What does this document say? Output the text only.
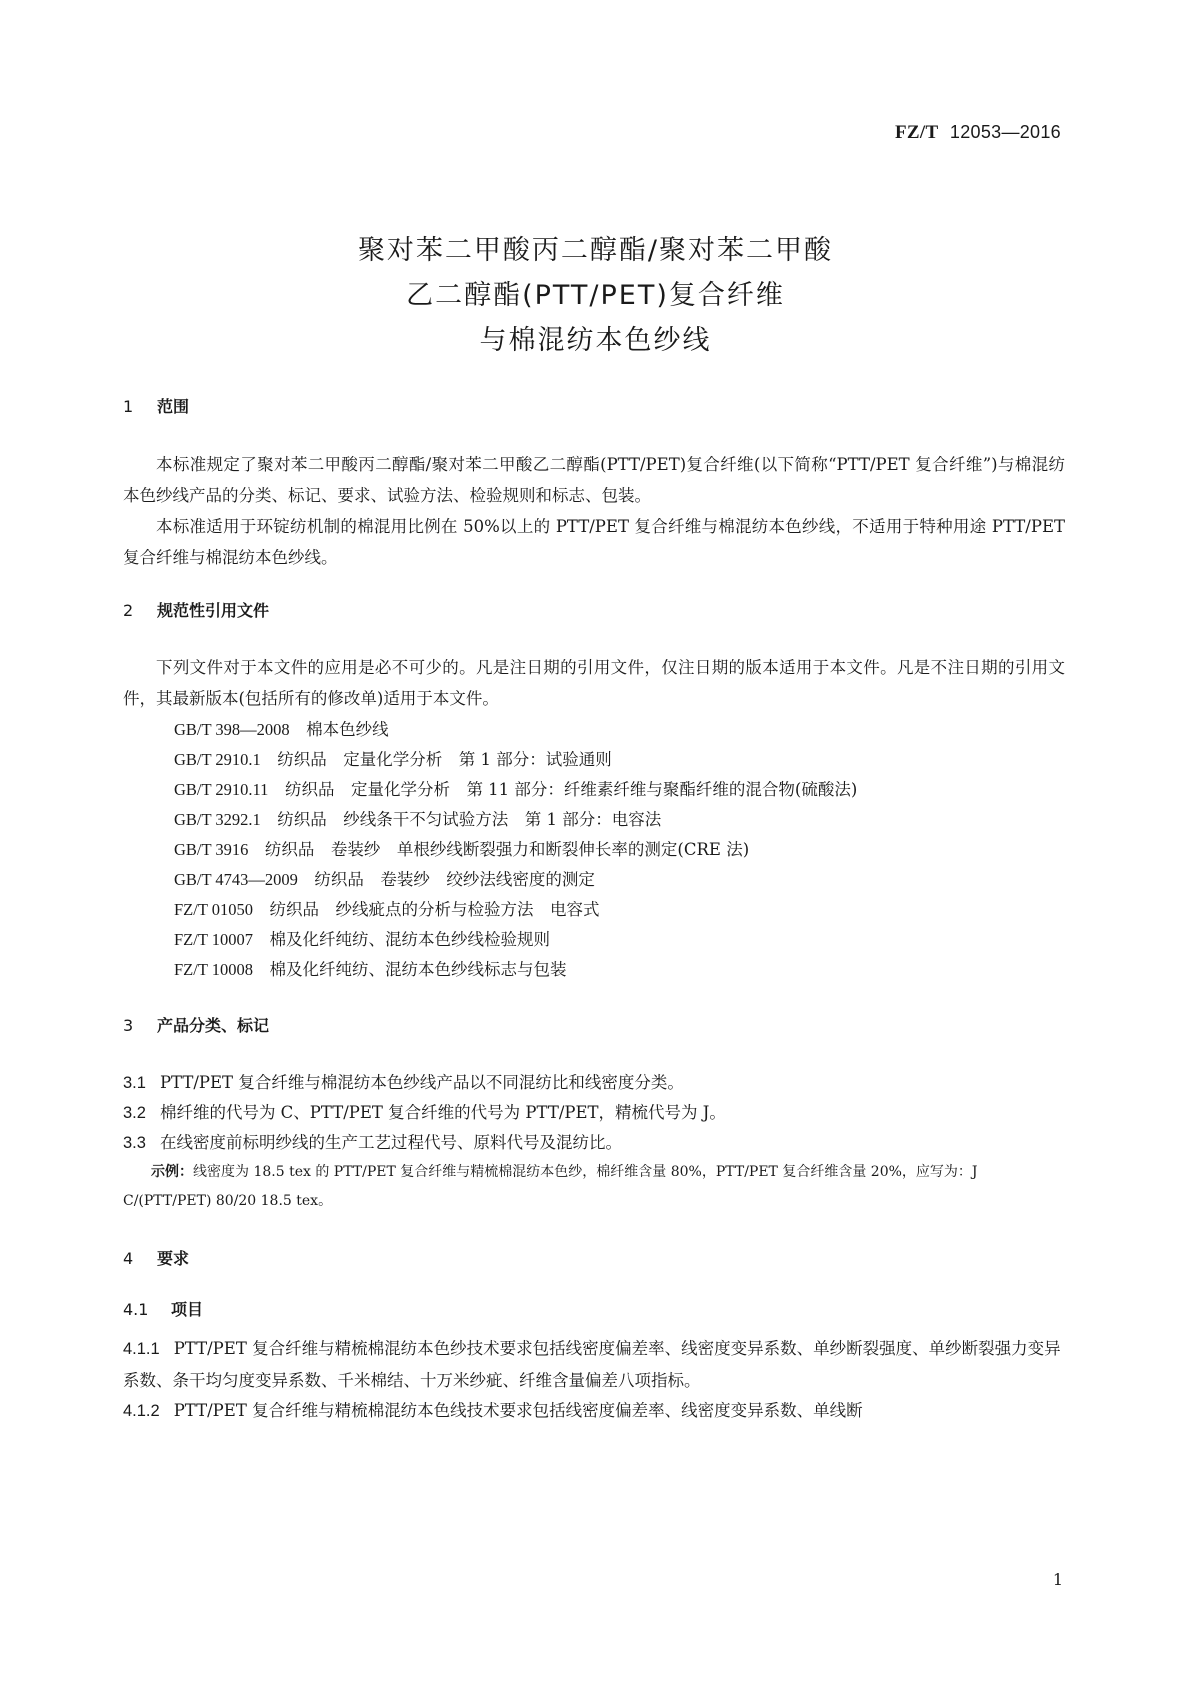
FZ/T 12053—2016
聚对苯二甲酸丙二醇酯/聚对苯二甲酸
乙二醇酯(PTT/PET)复合纤维
与棉混纺本色纱线
1 范围
本标准规定了聚对苯二甲酸丙二醇酯/聚对苯二甲酸乙二醇酯(PTT/PET)复合纤维(以下简称“PTT/PET 复合纤维”)与棉混纺本色纱线产品的分类、标记、要求、试验方法、检验规则和标志、包装。
本标准适用于环锭纺机制的棉混用比例在 50%以上的 PTT/PET 复合纤维与棉混纺本色纱线，不适用于特种用途 PTT/PET 复合纤维与棉混纺本色纱线。
2 规范性引用文件
下列文件对于本文件的应用是必不可少的。凡是注日期的引用文件，仅注日期的版本适用于本文件。凡是不注日期的引用文件，其最新版本(包括所有的修改单)适用于本文件。
GB/T 398—2008　 棉本色纱线
GB/T 2910.1　 纺织品　定量化学分析　第 1 部分：试验通则
GB/T 2910.11　 纺织品　定量化学分析　第 11 部分：纤维素纤维与聚酯纤维的混合物(硫酸法)
GB/T 3292.1　 纺织品　纱线条干不匀试验方法　第 1 部分：电容法
GB/T 3916　 纺织品　卷装纱　单根纱线断裂强力和断裂伸长率的测定(CRE 法)
GB/T 4743—2009　 纺织品　卷装纱　绞纱法线密度的测定
FZ/T 01050　 纺织品　纱线疵点的分析与检验方法　电容式
FZ/T 10007　 棉及化纤纯纺、混纺本色纱线检验规则
FZ/T 10008　 棉及化纤纯纺、混纺本色纱线标志与包装
3 产品分类、标记
3.1 PTT/PET 复合纤维与棉混纺本色纱线产品以不同混纺比和线密度分类。
3.2 棉纤维的代号为 C、PTT/PET 复合纤维的代号为 PTT/PET，精梳代号为 J。
3.3 在线密度前标明纱线的生产工艺过程代号、原料代号及混纺比。
示例：线密度为 18.5 tex 的 PTT/PET 复合纤维与精梳棉混纺本色纱，棉纤维含量 80%，PTT/PET 复合纤维含量 20%，应写为：J C/(PTT/PET) 80/20 18.5 tex。
4 要求
4.1 项目
4.1.1 PTT/PET 复合纤维与精梳棉混纺本色纱技术要求包括线密度偏差率、线密度变异系数、单纱断裂强度、单纱断裂强力变异系数、条干均匀度变异系数、千米棉结、十万米纱疵、纤维含量偏差八项指标。
4.1.2 PTT/PET 复合纤维与精梳棉混纺本色线技术要求包括线密度偏差率、线密度变异系数、单线断
1
